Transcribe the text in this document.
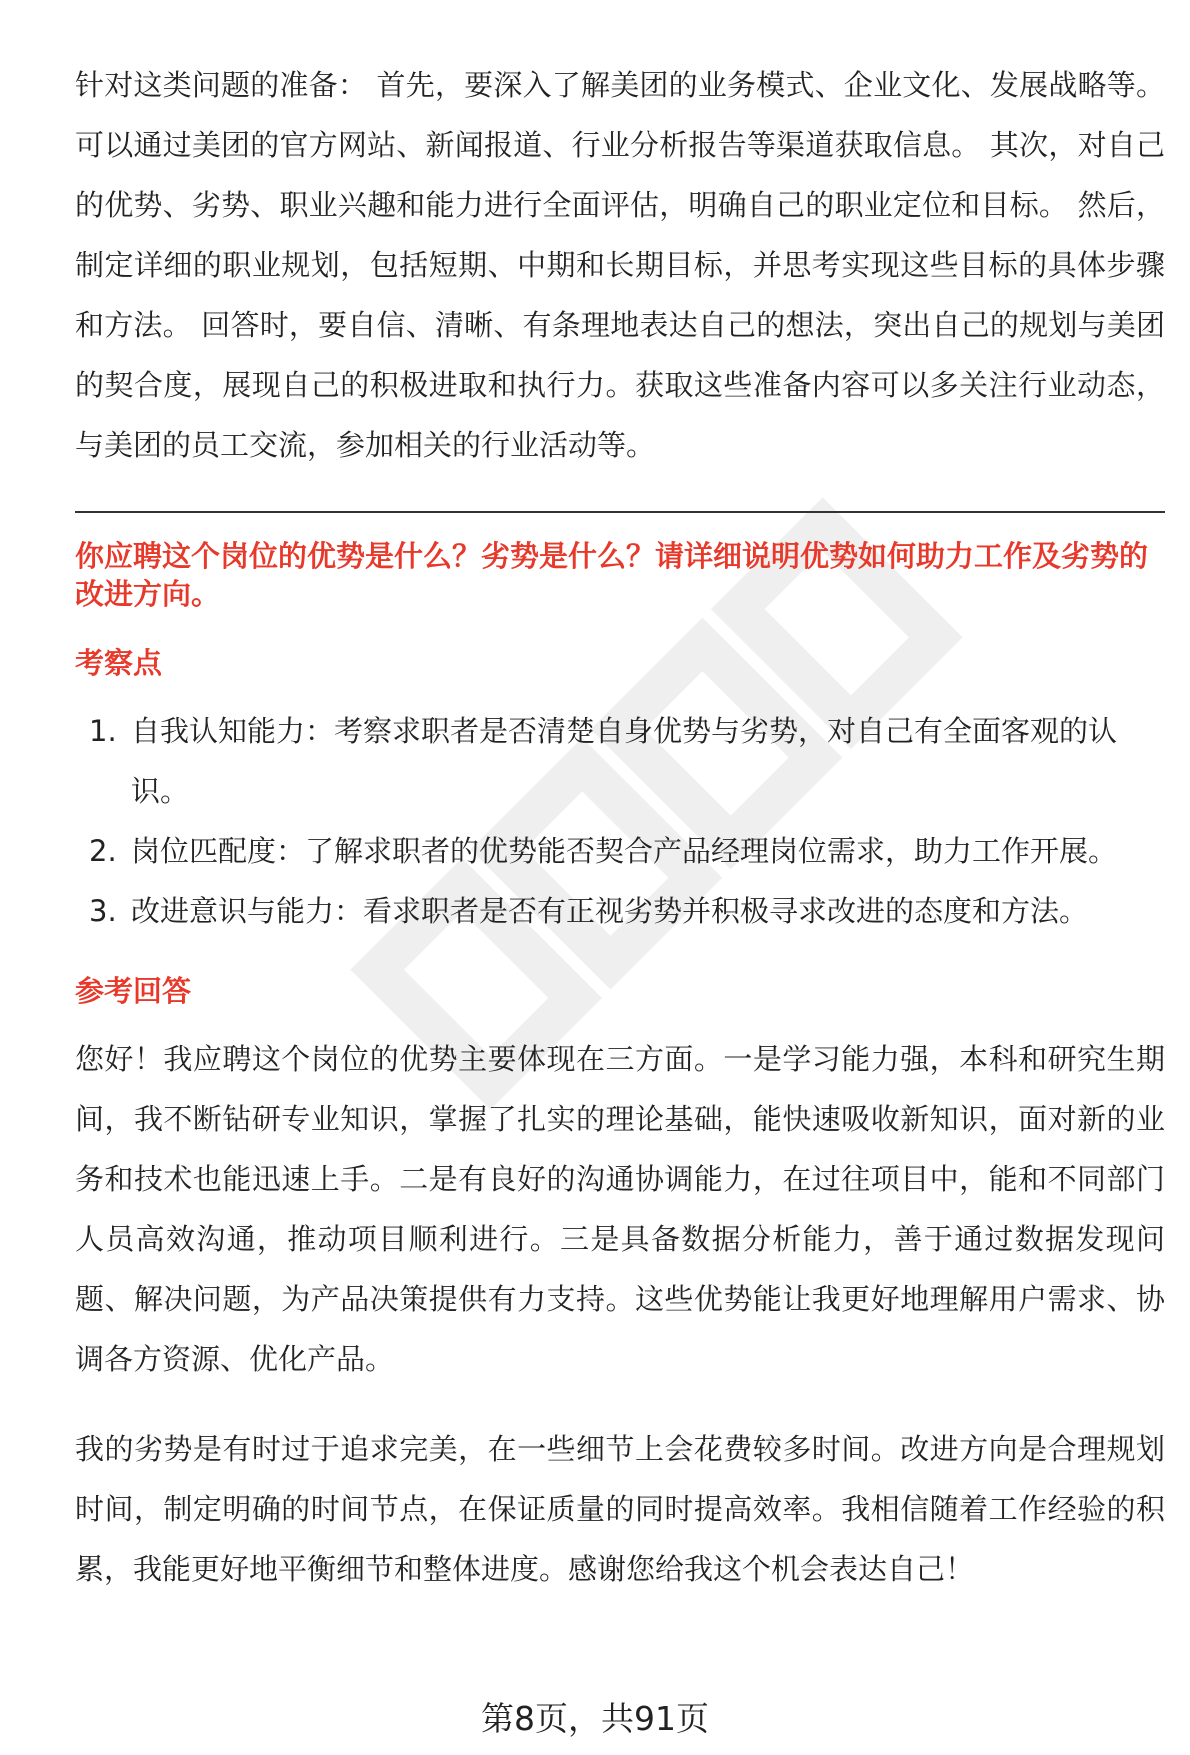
针对这类问题的准备： 首先，要深入了解美团的业务模式、企业文化、发展战略等。可以通过美团的官方网站、新闻报道、行业分析报告等渠道获取信息。 其次，对自己的优势、劣势、职业兴趣和能力进行全面评估，明确自己的职业定位和目标。 然后，制定详细的职业规划，包括短期、中期和长期目标，并思考实现这些目标的具体步骤和方法。 回答时，要自信、清晰、有条理地表达自己的想法，突出自己的规划与美团的契合度，展现自己的积极进取和执行力。获取这些准备内容可以多关注行业动态，与美团的员工交流，参加相关的行业活动等。

你应聘这个岗位的优势是什么？劣势是什么？请详细说明优势如何助力工作及劣势的改进方向。

考察点
1. 自我认知能力：考察求职者是否清楚自身优势与劣势，对自己有全面客观的认识。
2. 岗位匹配度：了解求职者的优势能否契合产品经理岗位需求，助力工作开展。
3. 改进意识与能力：看求职者是否有正视劣势并积极寻求改进的态度和方法。
参考回答

您好！我应聘这个岗位的优势主要体现在三方面。一是学习能力强，本科和研究生期间，我不断钻研专业知识，掌握了扎实的理论基础，能快速吸收新知识，面对新的业务和技术也能迅速上手。二是有良好的沟通协调能力，在过往项目中，能和不同部门人员高效沟通，推动项目顺利进行。三是具备数据分析能力，善于通过数据发现问题、解决问题，为产品决策提供有力支持。这些优势能让我更好地理解用户需求、协调各方资源、优化产品。

我的劣势是有时过于追求完美，在一些细节上会花费较多时间。改进方向是合理规划时间，制定明确的时间节点，在保证质量的同时提高效率。我相信随着工作经验的积累，我能更好地平衡细节和整体进度。感谢您给我这个机会表达自己！

第8页，共91页
